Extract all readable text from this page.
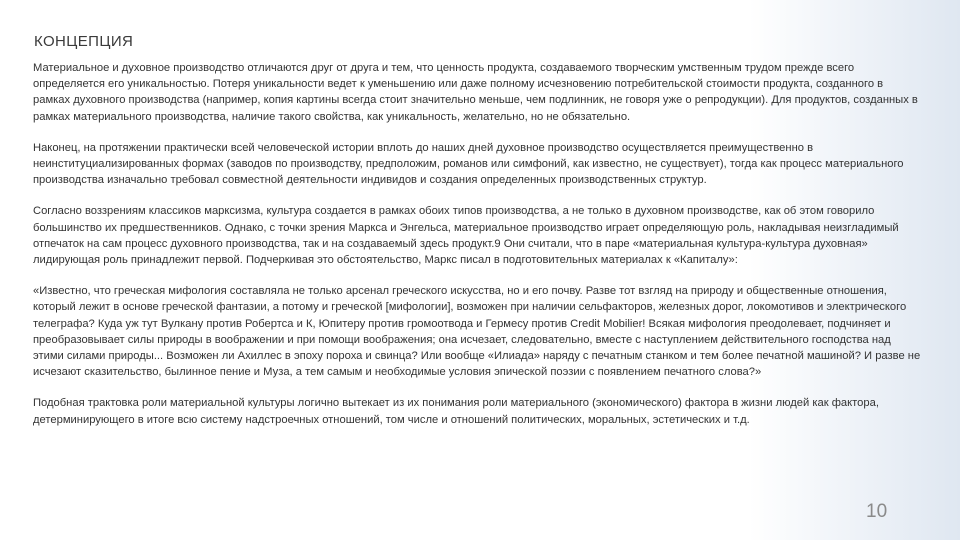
КОНЦЕПЦИЯ

Материальное и духовное производство отличаются друг от друга и тем, что ценность продукта, создаваемого творческим умственным трудом прежде всего определяется его уникальностью. Потеря уникальности ведет к уменьшению или даже полному исчезновению потребительской стоимости продукта, созданного в рамках духовного производства (например, копия картины всегда стоит значительно меньше, чем подлинник, не говоря уже о репродукции). Для продуктов, созданных в рамках материального производства, наличие такого свойства, как уникальность, желательно, но не обязательно.

Наконец, на протяжении практически всей человеческой истории вплоть до наших дней духовное производство осуществляется преимущественно в неинституциализированных формах (заводов по производству, предположим, романов или симфоний, как известно, не существует), тогда как процесс материального производства изначально требовал совместной деятельности индивидов и создания определенных производственных структур.

Согласно воззрениям классиков марксизма, культура создается в рамках обоих типов производства, а не только в духовном производстве, как об этом говорило большинство их предшественников. Однако, с точки зрения Маркса и Энгельса, материальное производство играет определяющую роль, накладывая неизгладимый отпечаток на сам процесс духовного производства, так и на создаваемый здесь продукт.9 Они считали, что в паре «материальная культура-культура духовная» лидирующая роль принадлежит первой. Подчеркивая это обстоятельство, Маркс писал в подготовительных материалах к «Капиталу»:

«Известно, что греческая мифология составляла не только арсенал греческого искусства, но и его почву. Разве тот взгляд на природу и общественные отношения, который лежит в основе греческой фантазии, а потому и греческой [мифологии], возможен при наличии сельфакторов, железных дорог, локомотивов и электрического телеграфа? Куда уж тут Вулкану против Робертса и К, Юпитеру против громоотвода и Гермесу против Credit Mobilier! Всякая мифология преодолевает, подчиняет и преобразовывает силы природы в воображении и при помощи воображения; она исчезает, следовательно, вместе с наступлением действительного господства над этими силами природы... Возможен ли Ахиллес в эпоху пороха и свинца? Или вообще «Илиада» наряду с печатным станком и тем более печатной машиной? И разве не исчезают сказительство, былинное пение и Муза, а тем самым и необходимые условия эпической поэзии с появлением печатного слова?»

Подобная трактовка роли материальной культуры логично вытекает из их понимания роли материального (экономического) фактора в жизни людей как фактора, детерминирующего в итоге всю систему надстроечных отношений, том числе и отношений политических, моральных, эстетических и т.д.

10
